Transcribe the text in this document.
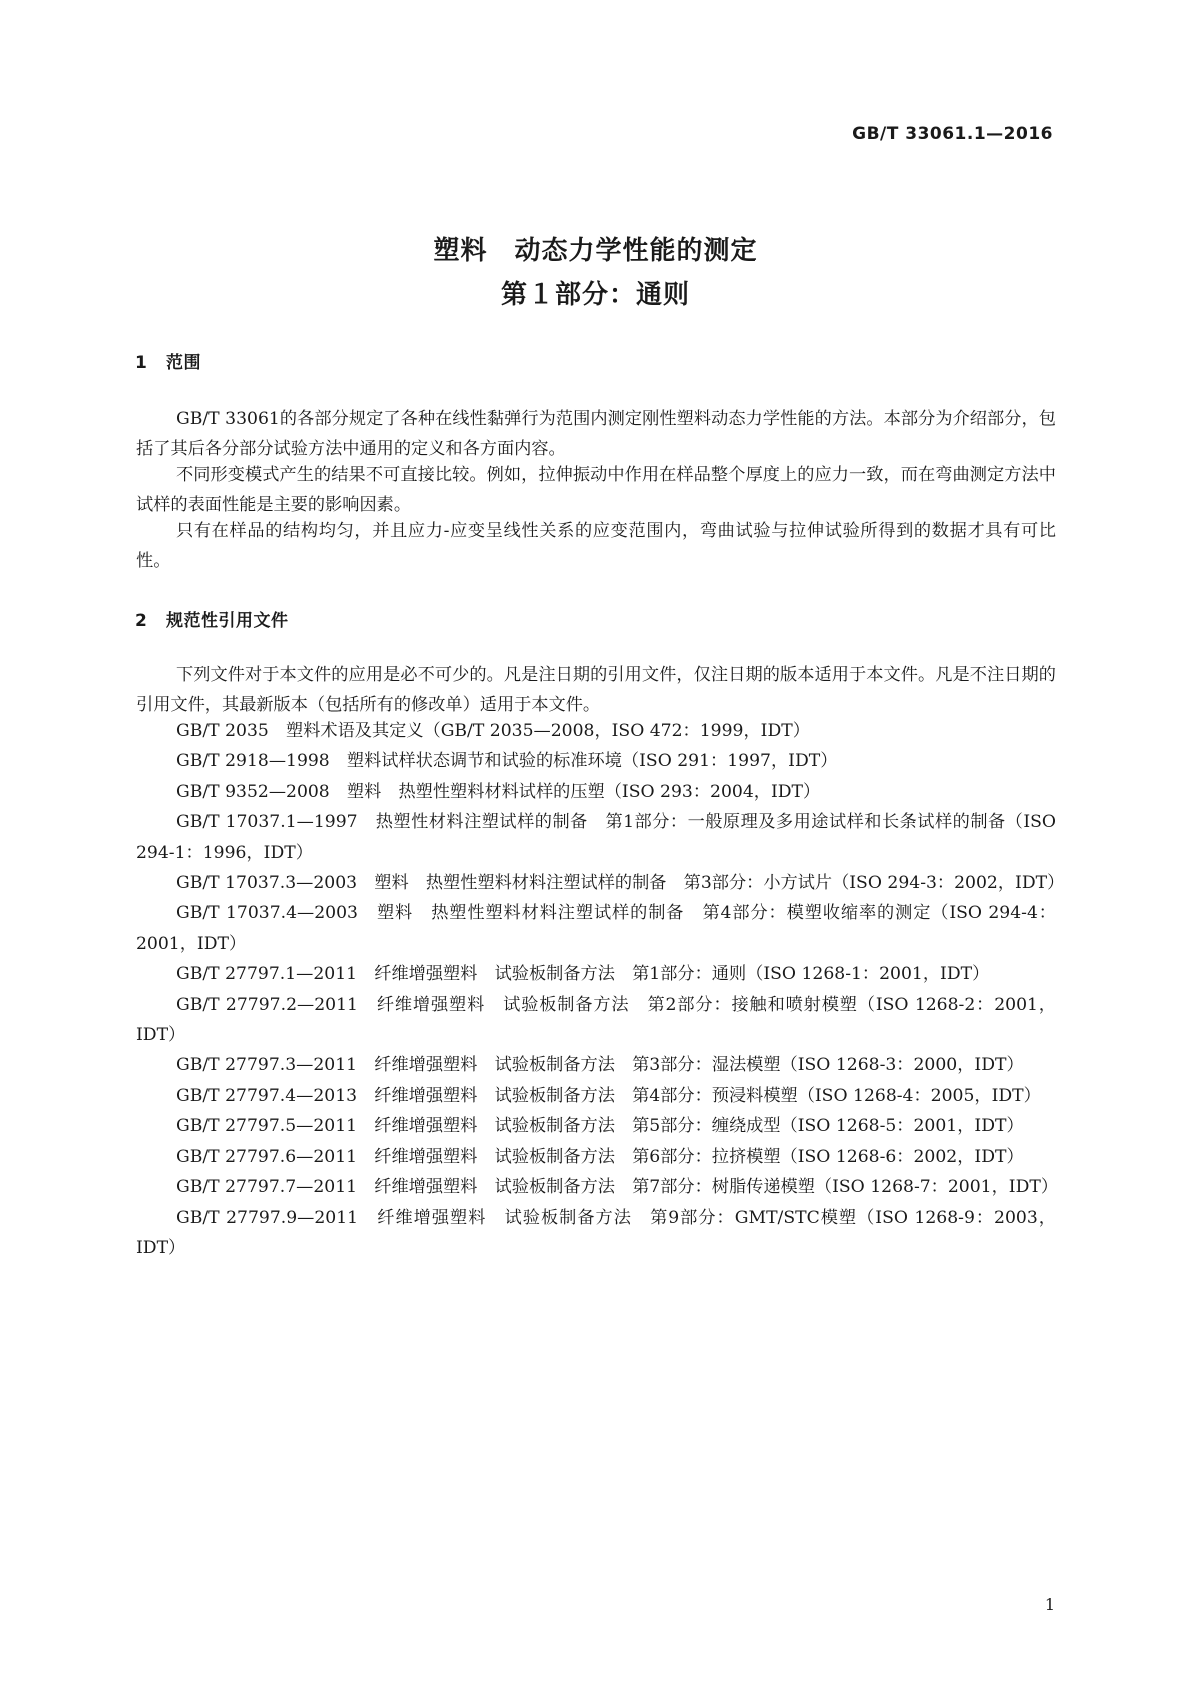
GB/T 33061.1—2016
塑料　动态力学性能的测定
第１部分：通则
1 范围

GB/T 33061的各部分规定了各种在线性黏弹行为范围内测定刚性塑料动态力学性能的方法。本部分为介绍部分，包括了其后各分部分试验方法中通用的定义和各方面内容。

不同形变模式产生的结果不可直接比较。例如，拉伸振动中作用在样品整个厚度上的应力一致，而在弯曲测定方法中试样的表面性能是主要的影响因素。

只有在样品的结构均匀，并且应力-应变呈线性关系的应变范围内，弯曲试验与拉伸试验所得到的数据才具有可比性。

2 规范性引用文件

下列文件对于本文件的应用是必不可少的。凡是注日期的引用文件，仅注日期的版本适用于本文件。凡是不注日期的引用文件，其最新版本（包括所有的修改单）适用于本文件。

GB/T 2035　塑料术语及其定义（GB/T 2035—2008，ISO 472：1999，IDT）
GB/T 2918—1998　塑料试样状态调节和试验的标准环境（ISO 291：1997，IDT）
GB/T 9352—2008　塑料　热塑性塑料材料试样的压塑（ISO 293：2004，IDT）
GB/T 17037.1—1997　热塑性材料注塑试样的制备　第1部分：一般原理及多用途试样和长条试样的制备（ISO 294-1：1996，IDT）
GB/T 17037.3—2003　塑料　热塑性塑料材料注塑试样的制备　第3部分：小方试片（ISO 294-3：2002，IDT）
GB/T 17037.4—2003　塑料　热塑性塑料材料注塑试样的制备　第4部分：模塑收缩率的测定（ISO 294-4：2001，IDT）
GB/T 27797.1—2011　纤维增强塑料　试验板制备方法　第1部分：通则（ISO 1268-1：2001，IDT）
GB/T 27797.2—2011　纤维增强塑料　试验板制备方法　第2部分：接触和喷射模塑（ISO 1268-2：2001，IDT）
GB/T 27797.3—2011　纤维增强塑料　试验板制备方法　第3部分：湿法模塑（ISO 1268-3：2000，IDT）
GB/T 27797.4—2013　纤维增强塑料　试验板制备方法　第4部分：预浸料模塑（ISO 1268-4：2005，IDT）
GB/T 27797.5—2011　纤维增强塑料　试验板制备方法　第5部分：缠绕成型（ISO 1268-5：2001，IDT）
GB/T 27797.6—2011　纤维增强塑料　试验板制备方法　第6部分：拉挤模塑（ISO 1268-6：2002，IDT）
GB/T 27797.7—2011　纤维增强塑料　试验板制备方法　第7部分：树脂传递模塑（ISO 1268-7：2001，IDT）
GB/T 27797.9—2011　纤维增强塑料　试验板制备方法　第9部分：GMT/STC模塑（ISO 1268-9：2003，IDT）
1
